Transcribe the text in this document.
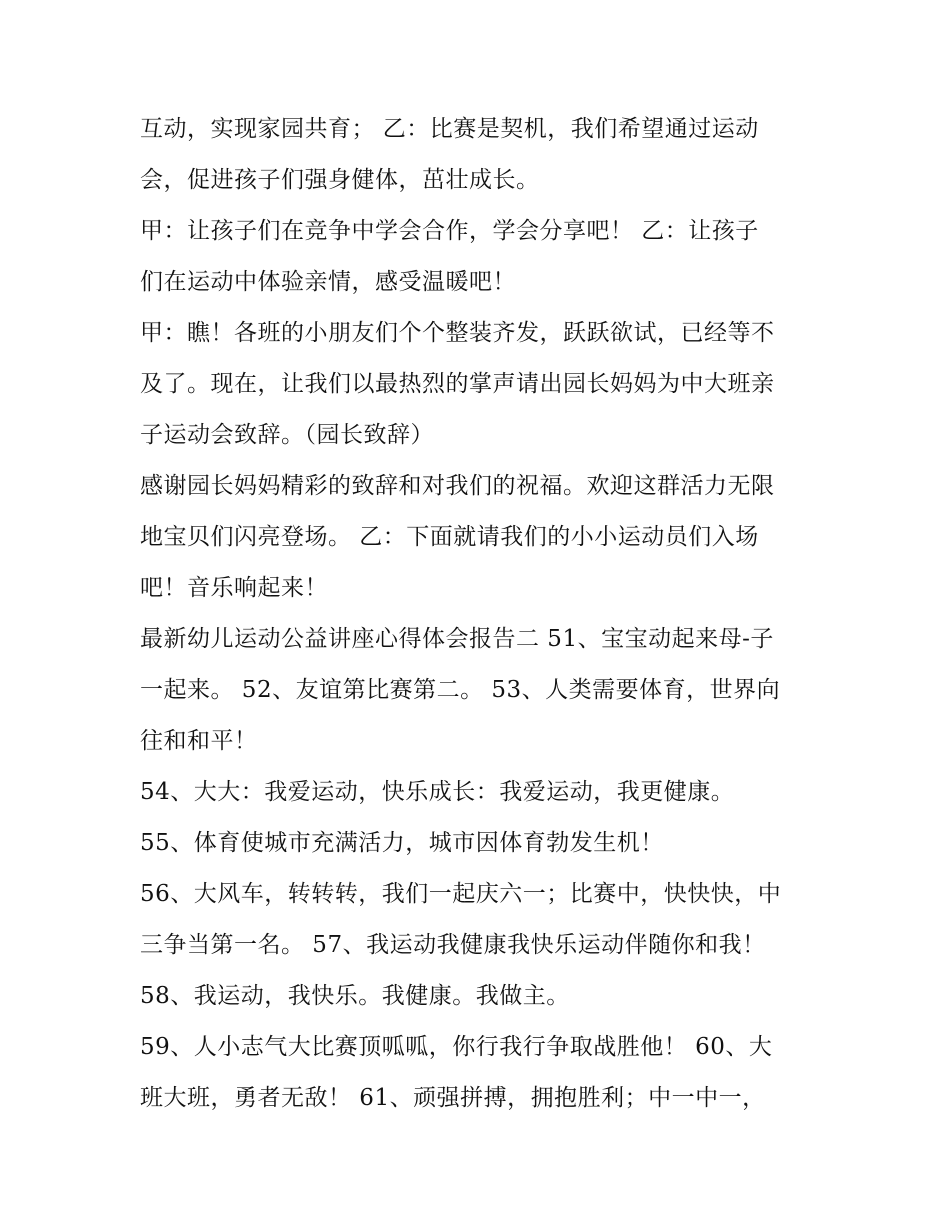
互动，实现家园共育； 乙：比赛是契机，我们希望通过运动
会，促进孩子们强身健体，茁壮成长。
甲：让孩子们在竞争中学会合作，学会分享吧！ 乙：让孩子
们在运动中体验亲情，感受温暖吧！
甲：瞧！各班的小朋友们个个整装齐发，跃跃欲试，已经等不
及了。现在，让我们以最热烈的掌声请出园长妈妈为中大班亲
子运动会致辞。（园长致辞）
感谢园长妈妈精彩的致辞和对我们的祝福。欢迎这群活力无限
地宝贝们闪亮登场。 乙：下面就请我们的小小运动员们入场
吧！音乐响起来！
最新幼儿运动公益讲座心得体会报告二 51、宝宝动起来母-子
一起来。 52、友谊第比赛第二。 53、人类需要体育，世界向
往和和平！
54、大大：我爱运动，快乐成长：我爱运动，我更健康。
55、体育使城市充满活力，城市因体育勃发生机！
56、大风车，转转转，我们一起庆六一；比赛中，快快快，中
三争当第一名。 57、我运动我健康我快乐运动伴随你和我！
58、我运动，我快乐。我健康。我做主。
59、人小志气大比赛顶呱呱，你行我行争取战胜他！ 60、大
班大班，勇者无敌！ 61、顽强拼搏，拥抱胜利；中一中一，
